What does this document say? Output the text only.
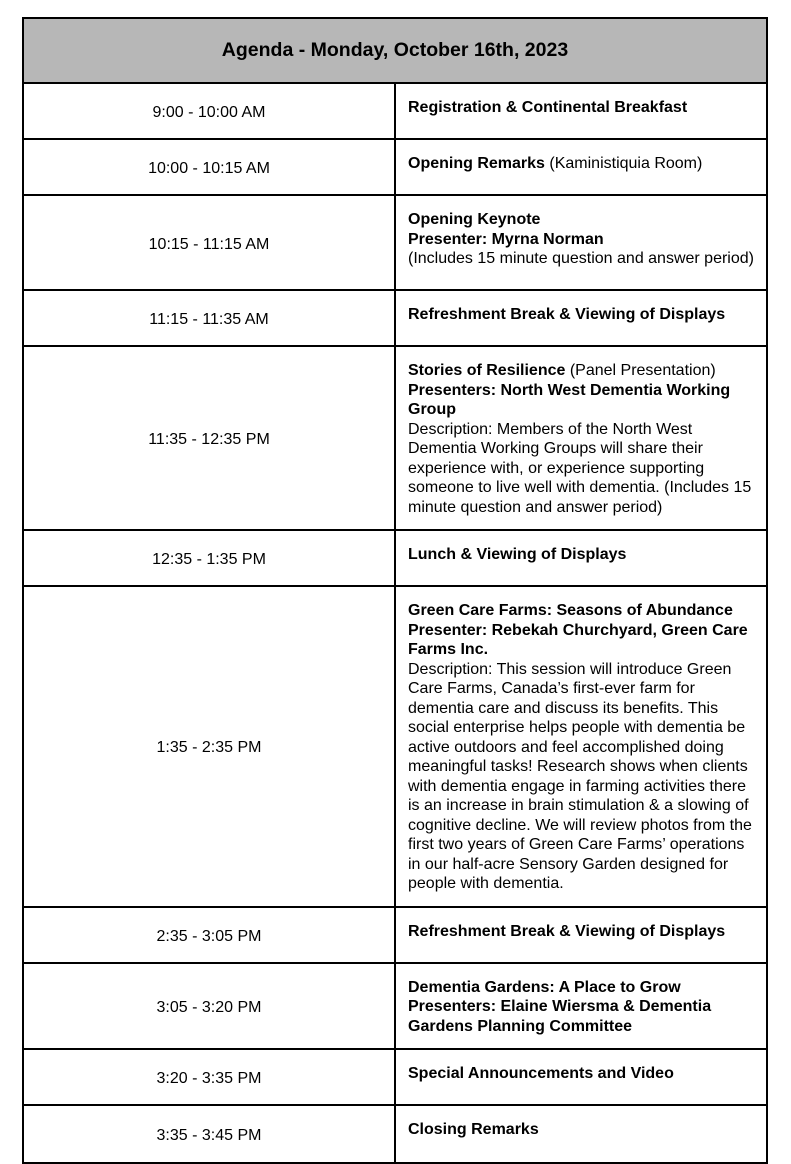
Agenda - Monday, October 16th, 2023	
9:00 - 10:00 AM	Registration & Continental Breakfast

10:00 - 10:15 AM	Opening Remarks (Kaministiquia Room)

10:15 - 11:15 AM	Opening Keynote
Presenter: Myrna Norman
(Includes 15 minute question and answer period)

11:15 - 11:35 AM	Refreshment Break & Viewing of Displays

11:35 - 12:35 PM	Stories of Resilience (Panel Presentation)
Presenters: North West Dementia Working Group
Description: Members of the North West Dementia Working Groups will share their experience with, or experience supporting someone to live well with dementia. (Includes 15 minute question and answer period)

12:35 - 1:35 PM	Lunch & Viewing of Displays

1:35 - 2:35 PM	Green Care Farms: Seasons of Abundance
Presenter: Rebekah Churchyard, Green Care Farms Inc.
Description: This session will introduce Green Care Farms, Canada’s first-ever farm for dementia care and discuss its benefits. This social enterprise helps people with dementia be active outdoors and feel accomplished doing meaningful tasks! Research shows when clients with dementia engage in farming activities there is an increase in brain stimulation & a slowing of cognitive decline. We will review photos from the first two years of Green Care Farms’ operations in our half-acre Sensory Garden designed for people with dementia.

2:35 - 3:05 PM	Refreshment Break & Viewing of Displays

3:05 - 3:20 PM	Dementia Gardens: A Place to Grow
Presenters: Elaine Wiersma & Dementia Gardens Planning Committee

3:20 - 3:35 PM	Special Announcements and Video

3:35 - 3:45 PM	Closing Remarks
